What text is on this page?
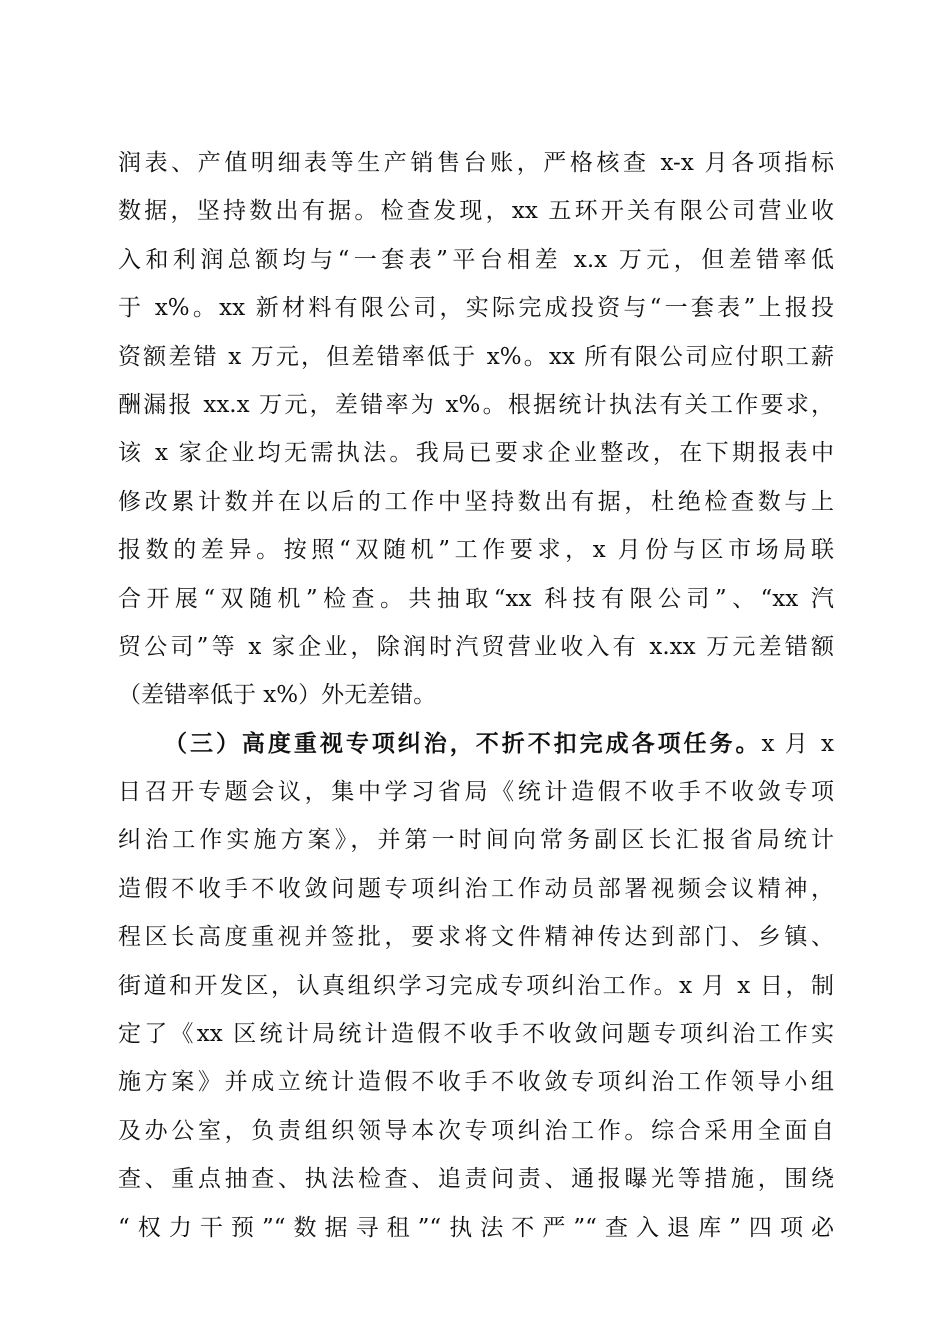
润表、产值明细表等生产销售台账，严格核查 x-x 月各项指标
数据，坚持数出有据。检查发现，xx 五环开关有限公司营业收
入和利润总额均与“一套表”平台相差 x.x 万元，但差错率低
于 x%。xx 新材料有限公司，实际完成投资与“一套表”上报投
资额差错 x 万元，但差错率低于 x%。xx 所有限公司应付职工薪
酬漏报 xx.x 万元，差错率为 x%。根据统计执法有关工作要求，
该 x 家企业均无需执法。我局已要求企业整改，在下期报表中
修改累计数并在以后的工作中坚持数出有据，杜绝检查数与上
报数的差异。按照“双随机”工作要求，x 月份与区市场局联
合开展“双随机”检查。共抽取“xx 科技有限公司”、“xx 汽
贸公司”等 x 家企业，除润时汽贸营业收入有 x.xx 万元差错额
（差错率低于 x%）外无差错。
（三）高度重视专项纠治，不折不扣完成各项任务。x 月 x
日召开专题会议，集中学习省局《统计造假不收手不收敛专项
纠治工作实施方案》，并第一时间向常务副区长汇报省局统计
造假不收手不收敛问题专项纠治工作动员部署视频会议精神，
程区长高度重视并签批，要求将文件精神传达到部门、乡镇、
街道和开发区，认真组织学习完成专项纠治工作。x 月 x 日，制
定了《xx 区统计局统计造假不收手不收敛问题专项纠治工作实
施方案》并成立统计造假不收手不收敛专项纠治工作领导小组
及办公室，负责组织领导本次专项纠治工作。综合采用全面自
查、重点抽查、执法检查、追责问责、通报曝光等措施，围绕
“权力干预”“数据寻租”“执法不严”“查入退库”四项必
